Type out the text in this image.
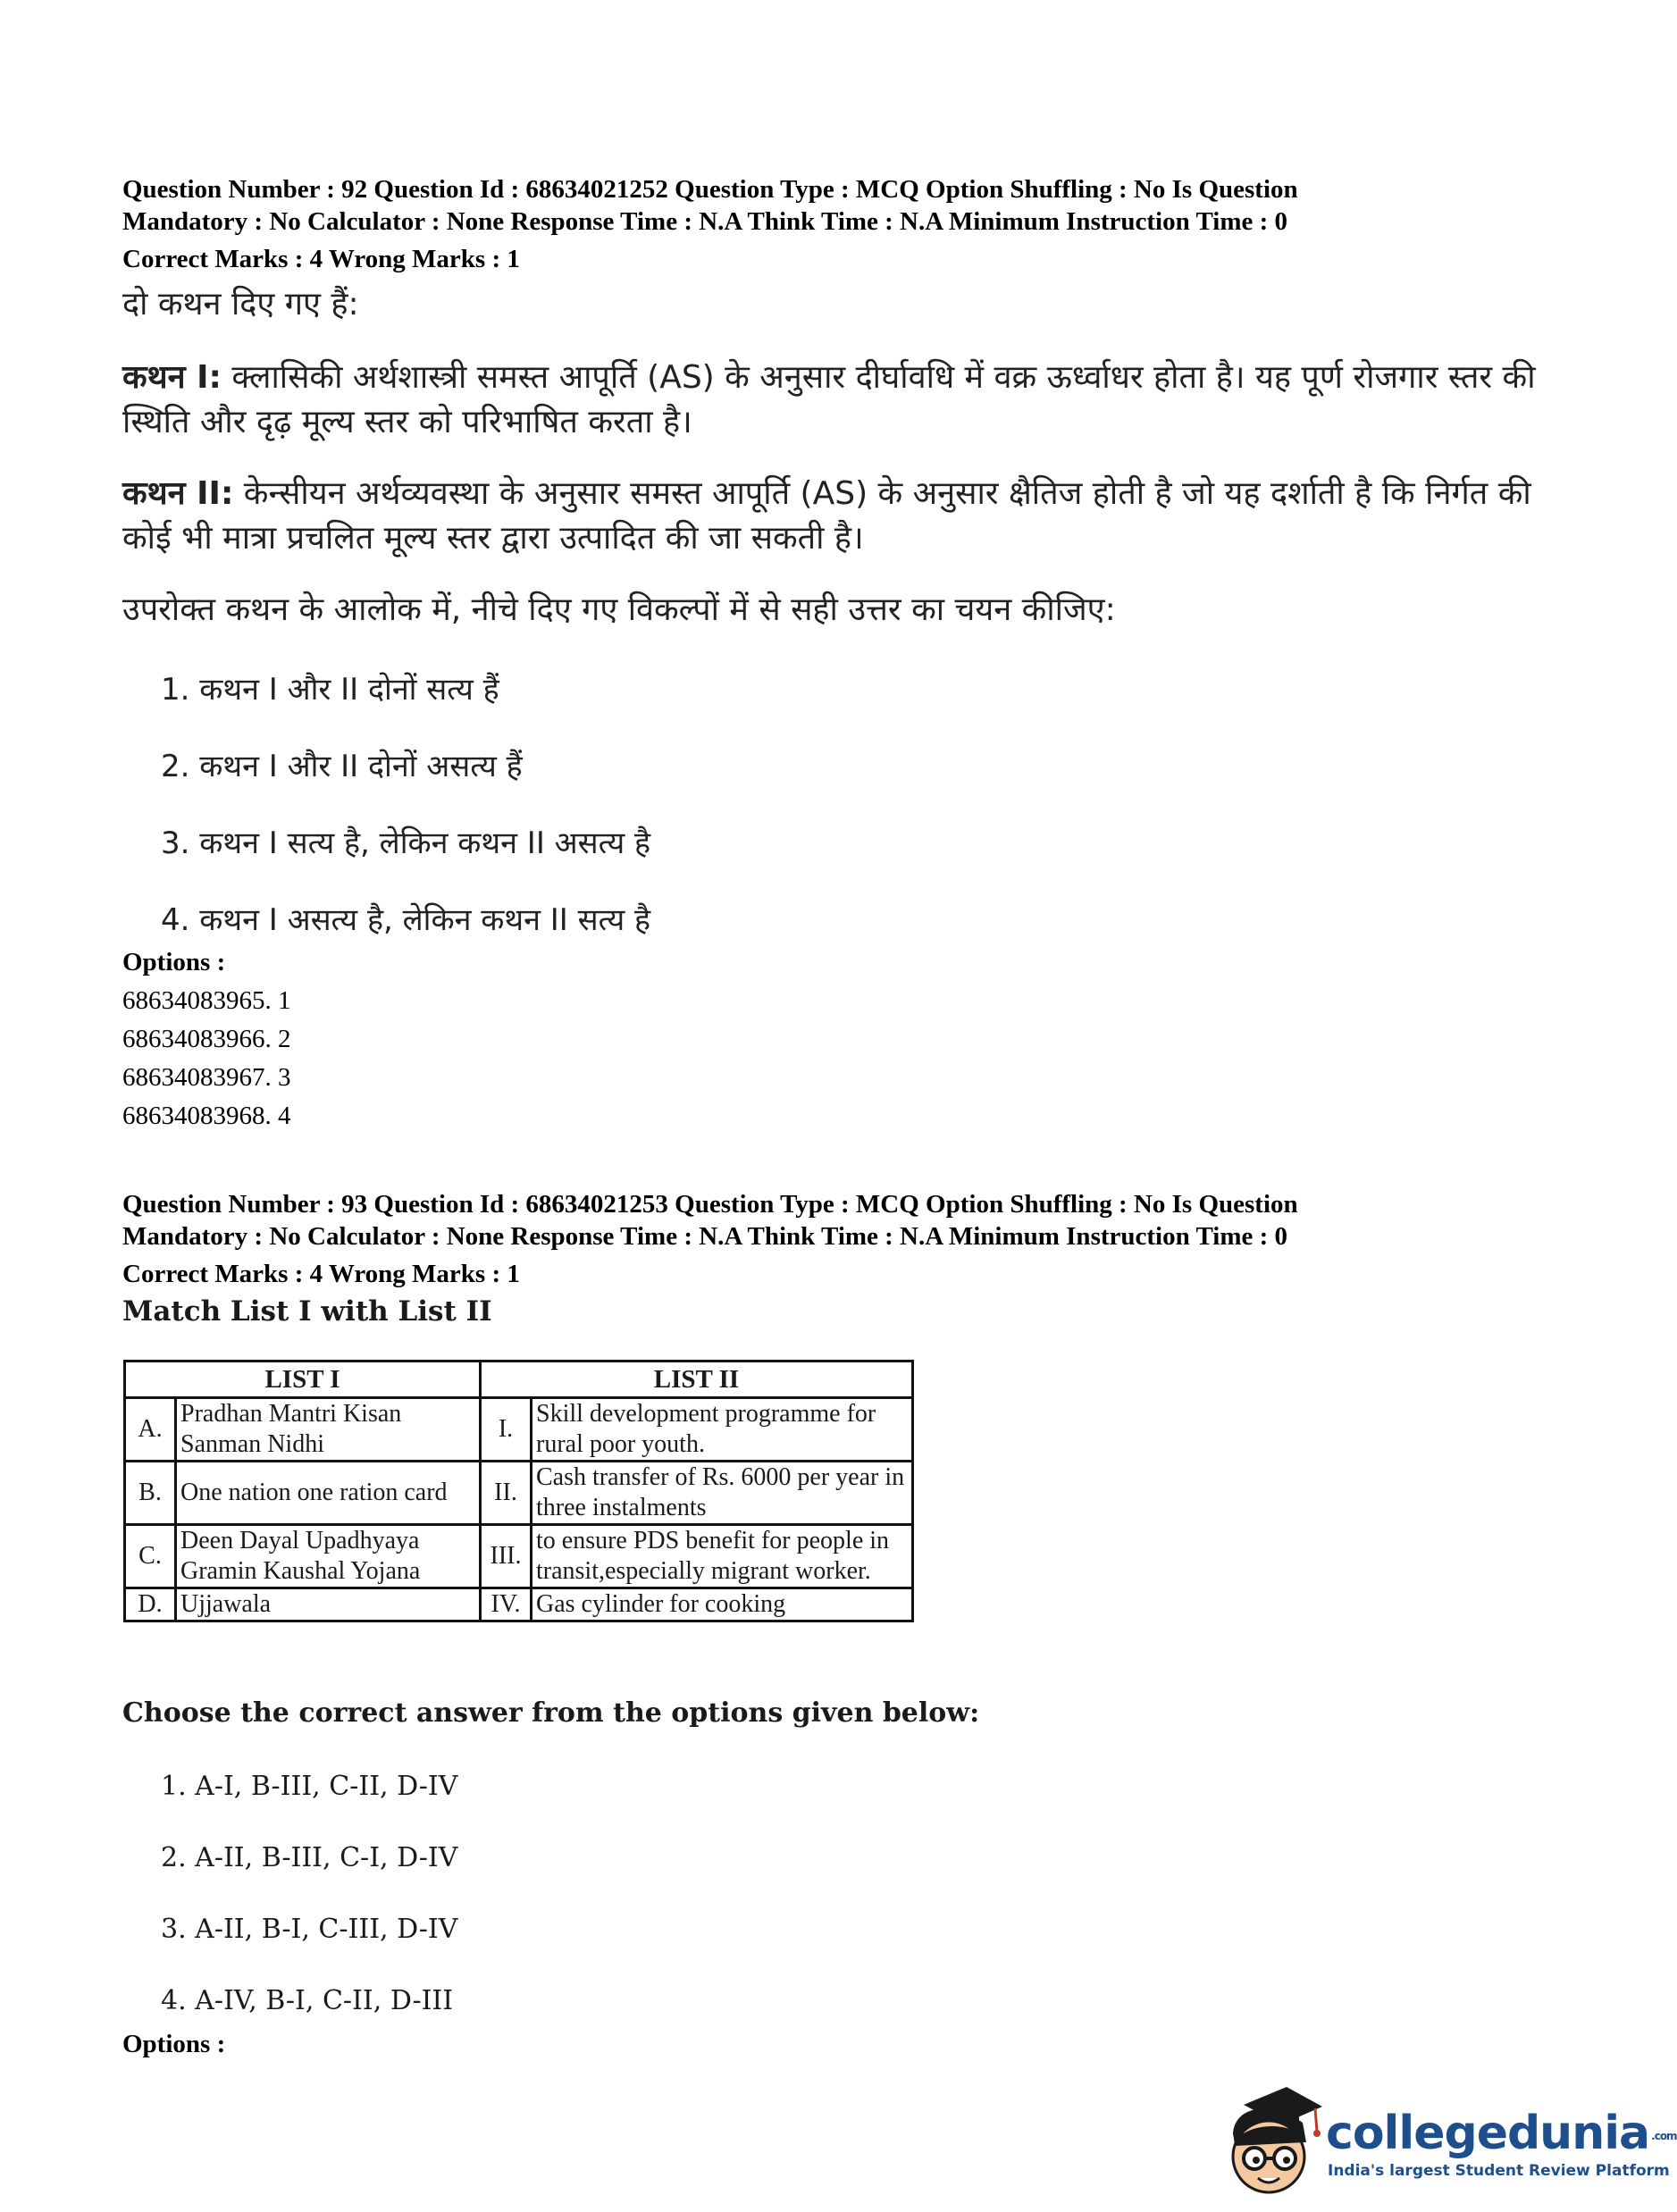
Question Number : 92 Question Id : 68634021252 Question Type : MCQ Option Shuffling : No Is Question
Mandatory : No Calculator : None Response Time : N.A Think Time : N.A Minimum Instruction Time : 0
Correct Marks : 4 Wrong Marks : 1
दो कथन दिए गए हैं:
कथन I: क्लासिकी अर्थशास्त्री समस्त आपूर्ति (AS) के अनुसार दीर्घावधि में वक्र ऊर्ध्वाधर होता है। यह पूर्ण रोजगार स्तर की स्थिति और दृढ़ मूल्य स्तर को परिभाषित करता है।
कथन II: केन्सीयन अर्थव्यवस्था के अनुसार समस्त आपूर्ति (AS) के अनुसार क्षैतिज होती है जो यह दर्शाती है कि निर्गत की कोई भी मात्रा प्रचलित मूल्य स्तर द्वारा उत्पादित की जा सकती है।
उपरोक्त कथन के आलोक में, नीचे दिए गए विकल्पों में से सही उत्तर का चयन कीजिए:
1. कथन I और II दोनों सत्य हैं
2. कथन I और II दोनों असत्य हैं
3. कथन I सत्य है, लेकिन कथन II असत्य है
4. कथन I असत्य है, लेकिन कथन II सत्य है
Options :
68634083965. 1
68634083966. 2
68634083967. 3
68634083968. 4
Question Number : 93 Question Id : 68634021253 Question Type : MCQ Option Shuffling : No Is Question
Mandatory : No Calculator : None Response Time : N.A Think Time : N.A Minimum Instruction Time : 0
Correct Marks : 4 Wrong Marks : 1
Match List I with List II
LIST I		LIST II	
A.	Pradhan Mantri Kisan Sanman Nidhi	I.	Skill development programme for rural poor youth.
B.	One nation one ration card	II.	Cash transfer of Rs. 6000 per year in three instalments
C.	Deen Dayal Upadhyaya Gramin Kaushal Yojana	III.	to ensure PDS benefit for people in transit,especially migrant worker.
D.	Ujjawala	IV.	Gas cylinder for cooking
Choose the correct answer from the options given below:
1. A-I, B-III, C-II, D-IV
2. A-II, B-III, C-I, D-IV
3. A-II, B-I, C-III, D-IV
4. A-IV, B-I, C-II, D-III
Options :
collegedunia .com
India's largest Student Review Platform
